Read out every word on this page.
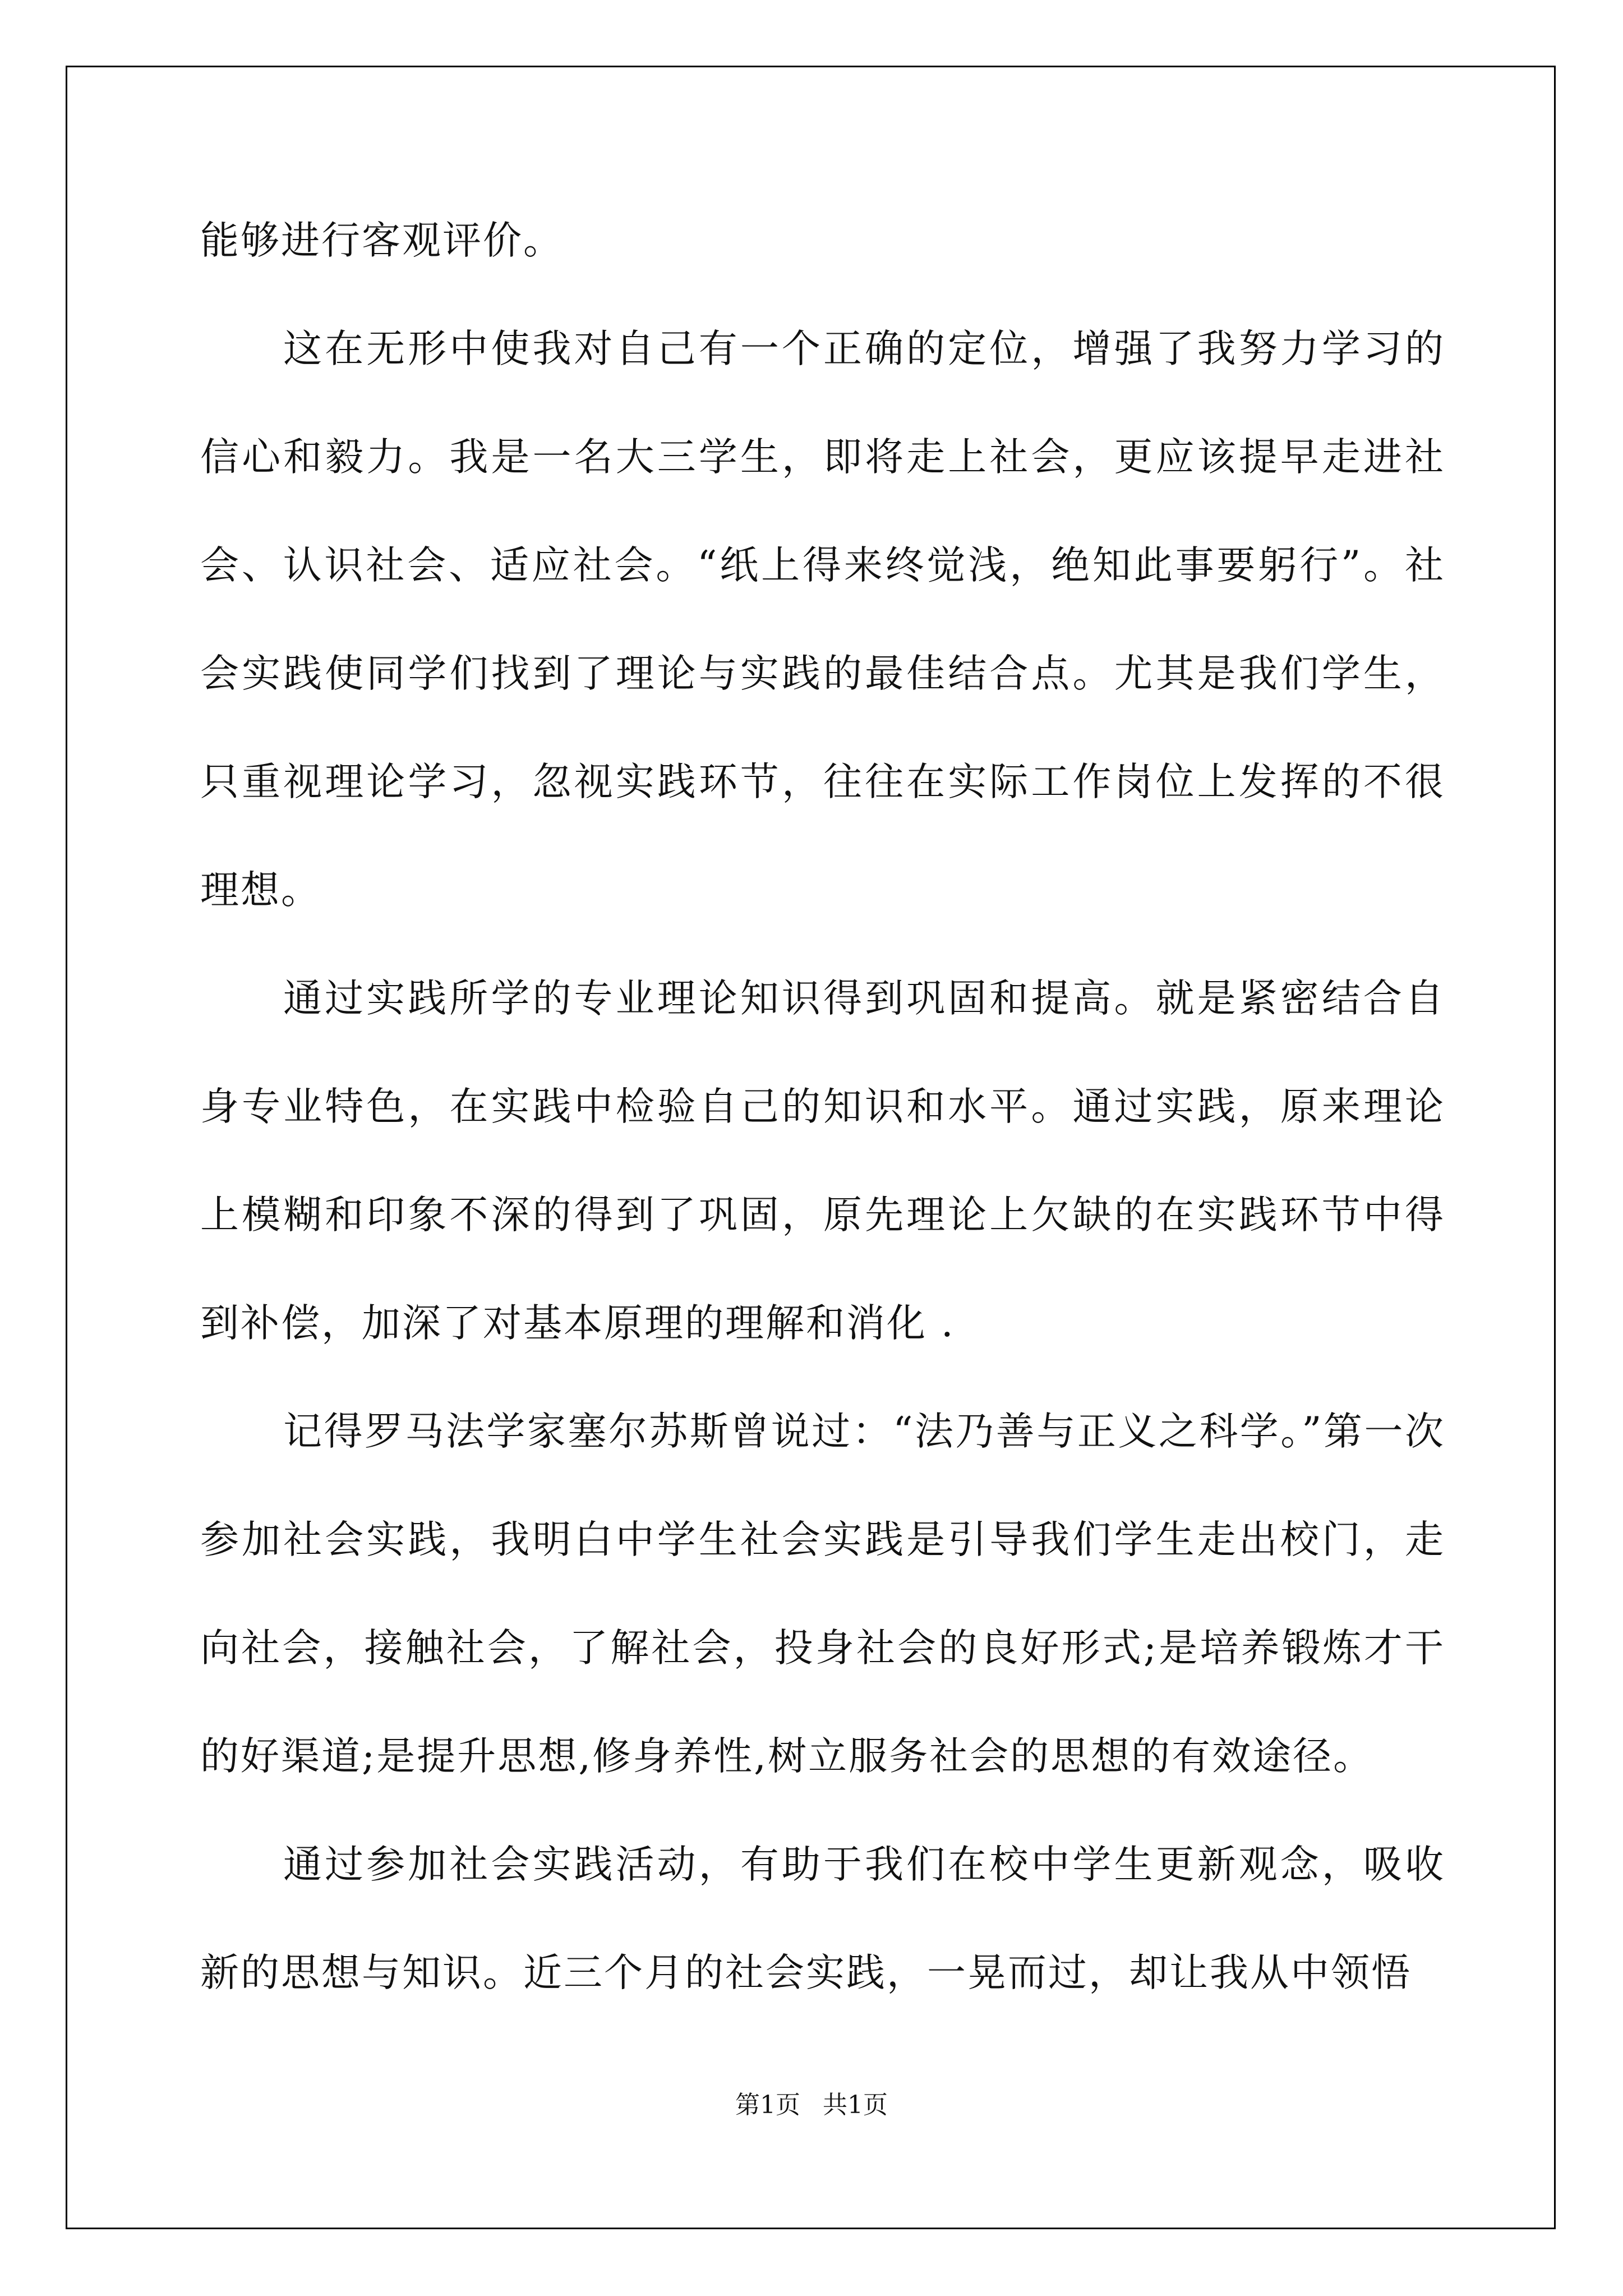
能够进行客观评价。

这在无形中使我对自己有一个正确的定位，增强了我努力学习的信心和毅力。我是一名大三学生，即将走上社会，更应该提早走进社会、认识社会、适应社会。“纸上得来终觉浅，绝知此事要躬行”。社会实践使同学们找到了理论与实践的最佳结合点。尤其是我们学生，只重视理论学习，忽视实践环节，往往在实际工作岗位上发挥的不很理想。

通过实践所学的专业理论知识得到巩固和提高。就是紧密结合自身专业特色，在实践中检验自己的知识和水平。通过实践，原来理论上模糊和印象不深的得到了巩固，原先理论上欠缺的在实践环节中得到补偿，加深了对基本原理的理解和消化 .

记得罗马法学家塞尔苏斯曾说过：“法乃善与正义之科学。”第一次参加社会实践，我明白中学生社会实践是引导我们学生走出校门，走向社会，接触社会，了解社会，投身社会的良好形式;是培养锻炼才干的好渠道;是提升思想,修身养性,树立服务社会的思想的有效途径。

通过参加社会实践活动，有助于我们在校中学生更新观念，吸收新的思想与知识。近三个月的社会实践，一晃而过，却让我从中领悟

第1页 共1页
